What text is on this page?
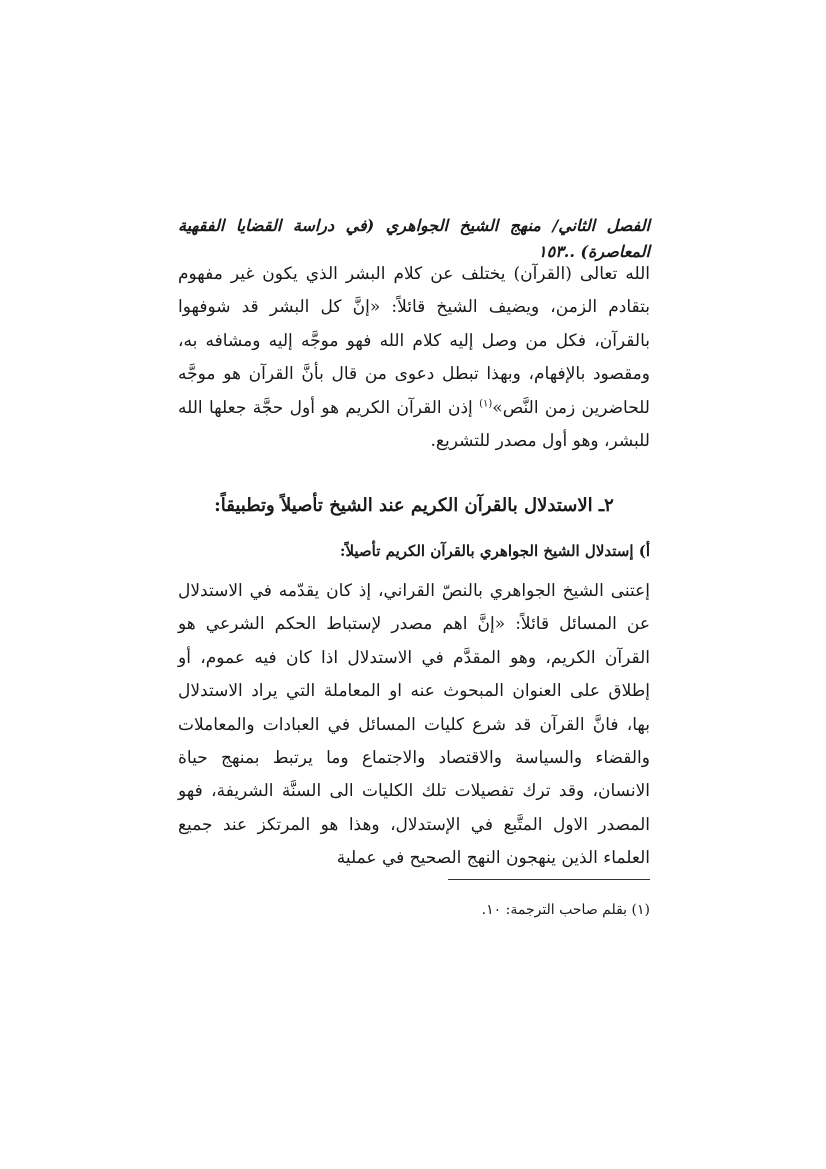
الفصل الثاني/ منهج الشيخ الجواهري (في دراسة القضايا الفقهية المعاصرة) ..١٥٣
الله تعالى (القرآن) يختلف عن كلام البشر الذي يكون غير مفهوم بتقادم الزمن، ويضيف الشيخ قائلاً: «إنَّ كل البشر قد شوفهوا بالقرآن، فكل من وصل إليه كلام الله فهو موجَّه إليه ومشافه به، ومقصود بالإفهام، وبهذا تبطل دعوى من قال بأنَّ القرآن هو موجَّه للحاضرين زمن النَّص»$^{(١)}$ إذن القرآن الكريم هو أول حجَّة جعلها الله للبشر، وهو أول مصدر للتشريع.
٢ـ الاستدلال بالقرآن الكريم عند الشيخ تأصيلاً وتطبيقاً:
أ) إستدلال الشيخ الجواهري بالقرآن الكريم تأصيلاً:
إعتنى الشيخ الجواهري بالنصّ القراني، إذ كان يقدّمه في الاستدلال عن المسائل قائلاً: «إنَّ اهم مصدر لإستباط الحكم الشرعي هو القرآن الكريم، وهو المقدَّم في الاستدلال اذا كان فيه عموم، أو إطلاق على العنوان المبحوث عنه او المعاملة التي يراد الاستدلال بها، فانَّ القرآن قد شرع كليات المسائل في العبادات والمعاملات والقضاء والسياسة والاقتصاد والاجتماع وما يرتبط بمنهج حياة الانسان، وقد ترك تفصيلات تلك الكليات الى السنَّة الشريفة، فهو المصدر الاول المتَّبع في الإستدلال، وهذا هو المرتكز عند جميع العلماء الذين ينهجون النهج الصحيح في عملية
(١) بقلم صاحب الترجمة: ١٠.
